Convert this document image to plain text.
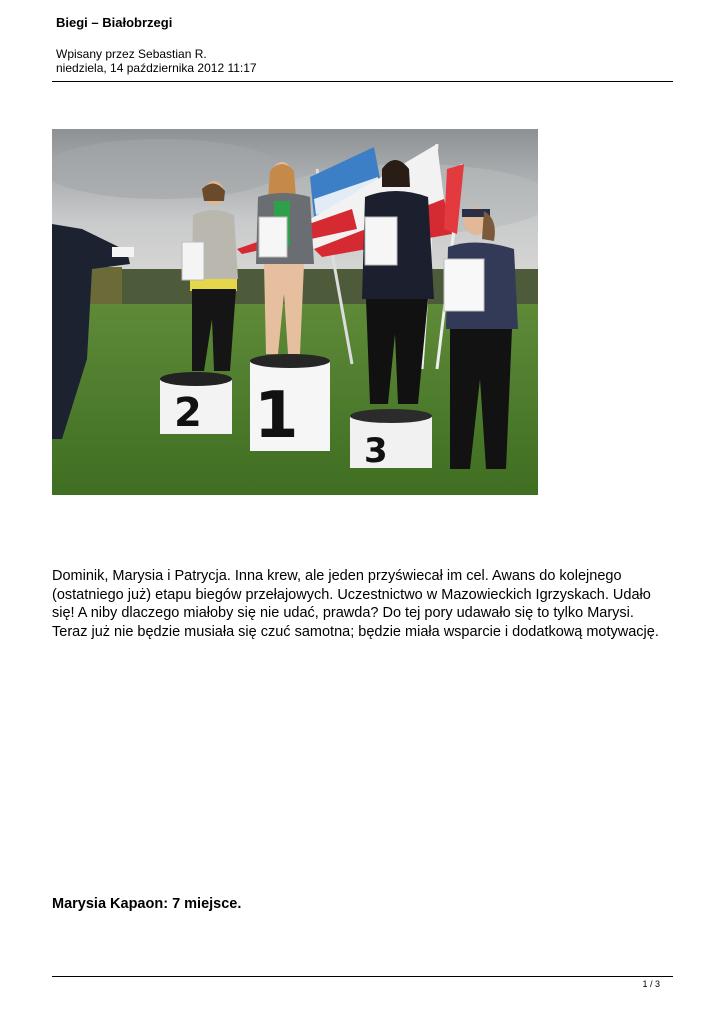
Biegi – Białobrzegi
Wpisany przez Sebastian R.
niedziela, 14 października 2012 11:17
2 1 3

Dominik, Marysia i Patrycja. Inna krew, ale jeden przyświecał im cel. Awans do kolejnego
(ostatniego już) etapu biegów przełajowych. Uczestnictwo w Mazowieckich Igrzyskach. Udało
się! A niby dlaczego miałoby się nie udać, prawda? Do tej pory udawało się to tylko Marysi.
Teraz już nie będzie musiała się czuć samotna; będzie miała wsparcie i dodatkową motywację.

Marysia Kapaon: 7 miejsce.

1 / 3
